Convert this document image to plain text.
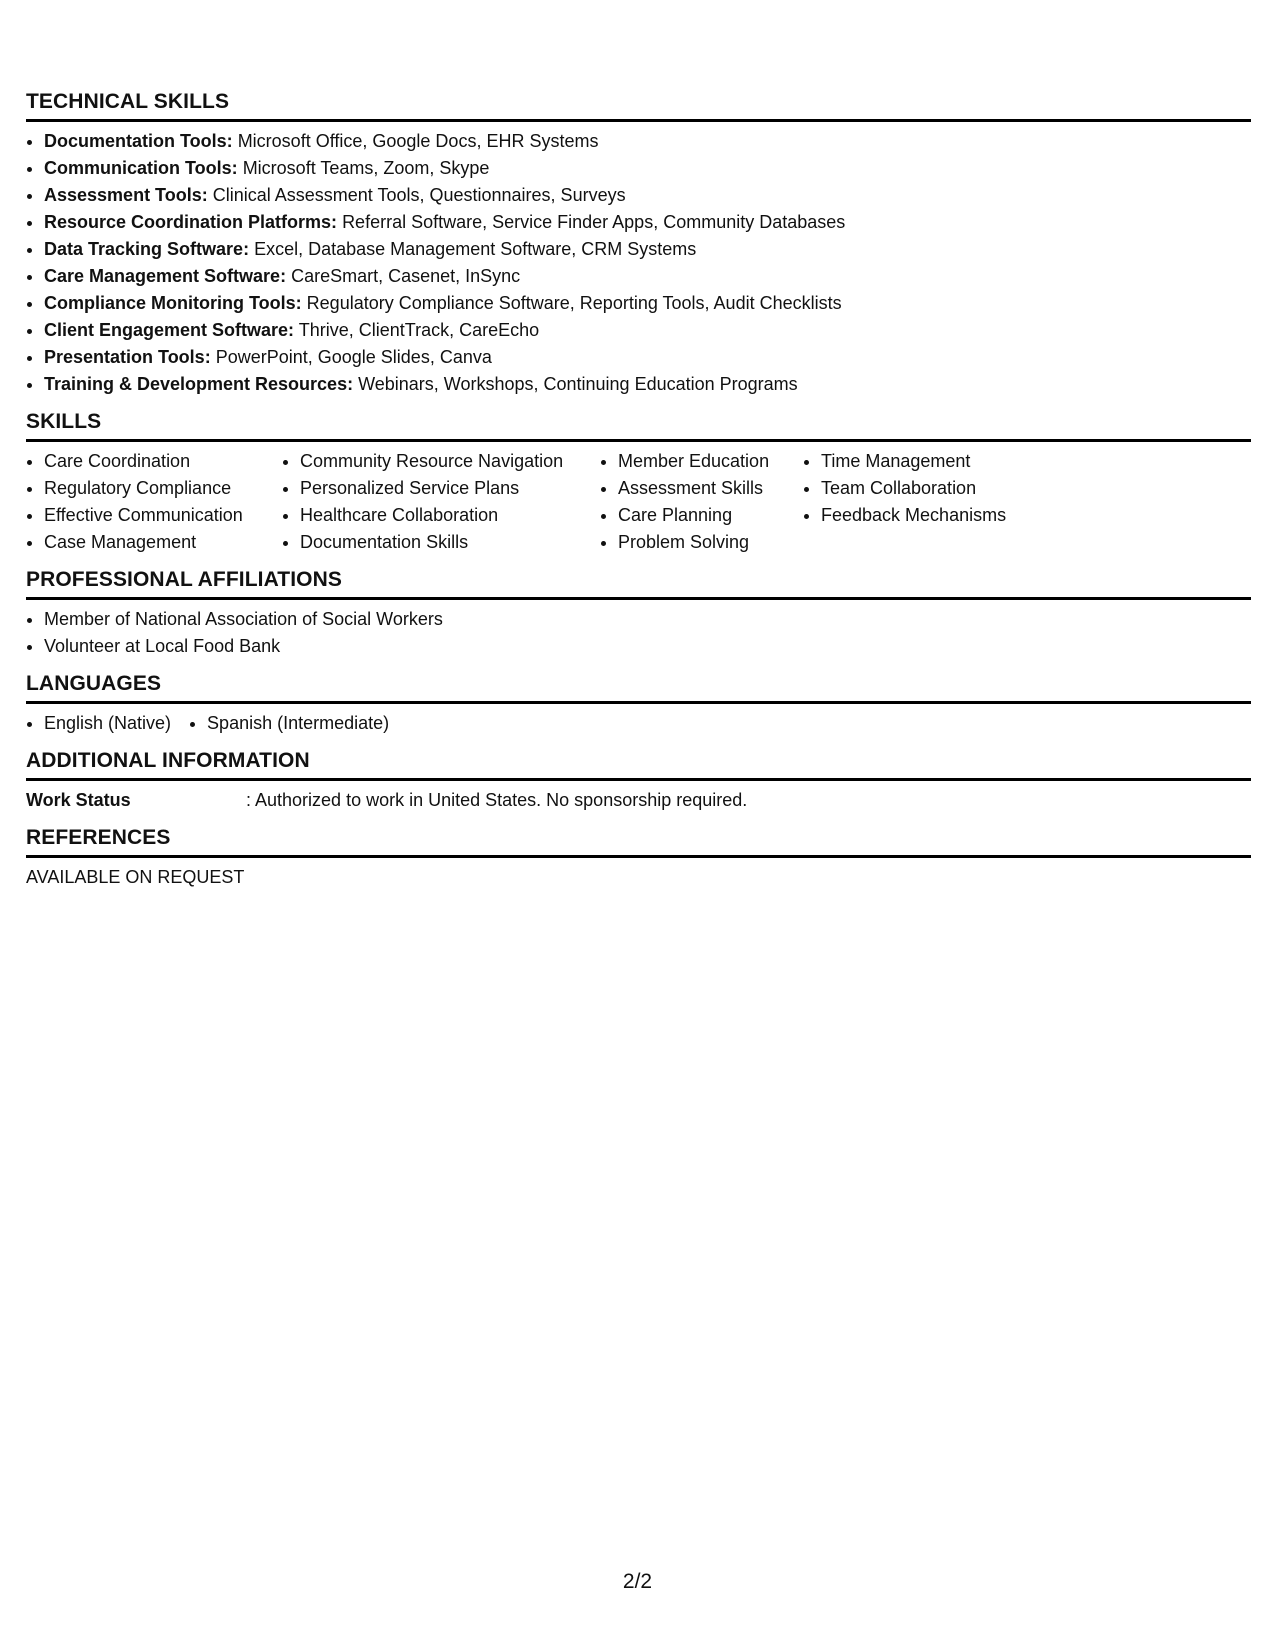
TECHNICAL SKILLS
• Documentation Tools: Microsoft Office, Google Docs, EHR Systems
• Communication Tools: Microsoft Teams, Zoom, Skype
• Assessment Tools: Clinical Assessment Tools, Questionnaires, Surveys
• Resource Coordination Platforms: Referral Software, Service Finder Apps, Community Databases
• Data Tracking Software: Excel, Database Management Software, CRM Systems
• Care Management Software: CareSmart, Casenet, InSync
• Compliance Monitoring Tools: Regulatory Compliance Software, Reporting Tools, Audit Checklists
• Client Engagement Software: Thrive, ClientTrack, CareEcho
• Presentation Tools: PowerPoint, Google Slides, Canva
• Training & Development Resources: Webinars, Workshops, Continuing Education Programs
SKILLS
• Care Coordination
• Regulatory Compliance
• Effective Communication
• Case Management
• Community Resource Navigation
• Personalized Service Plans
• Healthcare Collaboration
• Documentation Skills
• Member Education
• Assessment Skills
• Care Planning
• Problem Solving
• Time Management
• Team Collaboration
• Feedback Mechanisms
PROFESSIONAL AFFILIATIONS
• Member of National Association of Social Workers
• Volunteer at Local Food Bank
LANGUAGES
• English (Native)
• Spanish (Intermediate)
ADDITIONAL INFORMATION
Work Status	: Authorized to work in United States. No sponsorship required.
REFERENCES
AVAILABLE ON REQUEST
2/2
